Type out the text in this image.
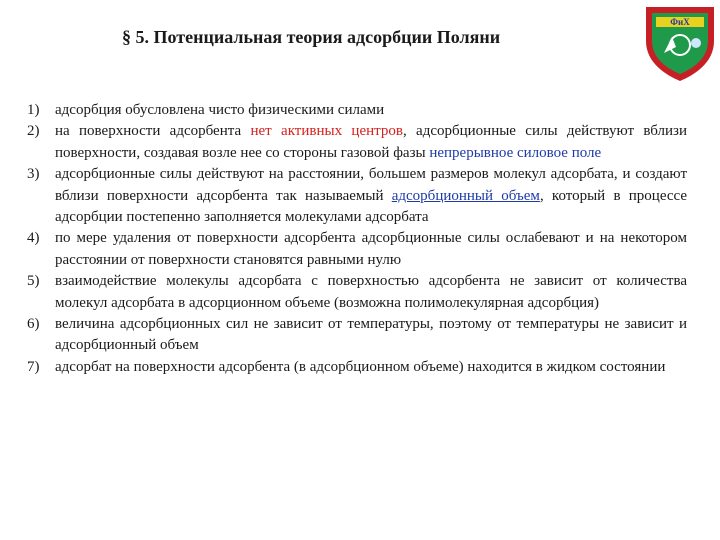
§ 5. Потенциальная теория адсорбции Поляни
ФиХ
1)	адсорбция обусловлена чисто физическими силами
2)	на поверхности адсорбента нет активных центров, адсорбционные силы действуют вблизи поверхности, создавая возле нее со стороны газовой фазы непрерывное силовое поле
3)	адсорбционные силы действуют на расстоянии, большем размеров молекул адсорбата, и создают вблизи поверхности адсорбента так называемый адсорбционный объем, который в процессе адсорбции постепенно заполняется молекулами адсорбата
4)	по мере удаления от поверхности адсорбента адсорбционные силы ослабевают и на некотором расстоянии от поверхности становятся равными нулю
5)	взаимодействие молекулы адсорбата с поверхностью адсорбента не зависит от количества молекул адсорбата в адсорционном объеме (возможна полимолекулярная адсорбция)
6)	величина адсорбционных сил не зависит от температуры, поэтому от температуры не зависит и адсорбционный объем
7)	адсорбат на поверхности адсорбента (в адсорбционном объеме) находится в жидком состоянии
